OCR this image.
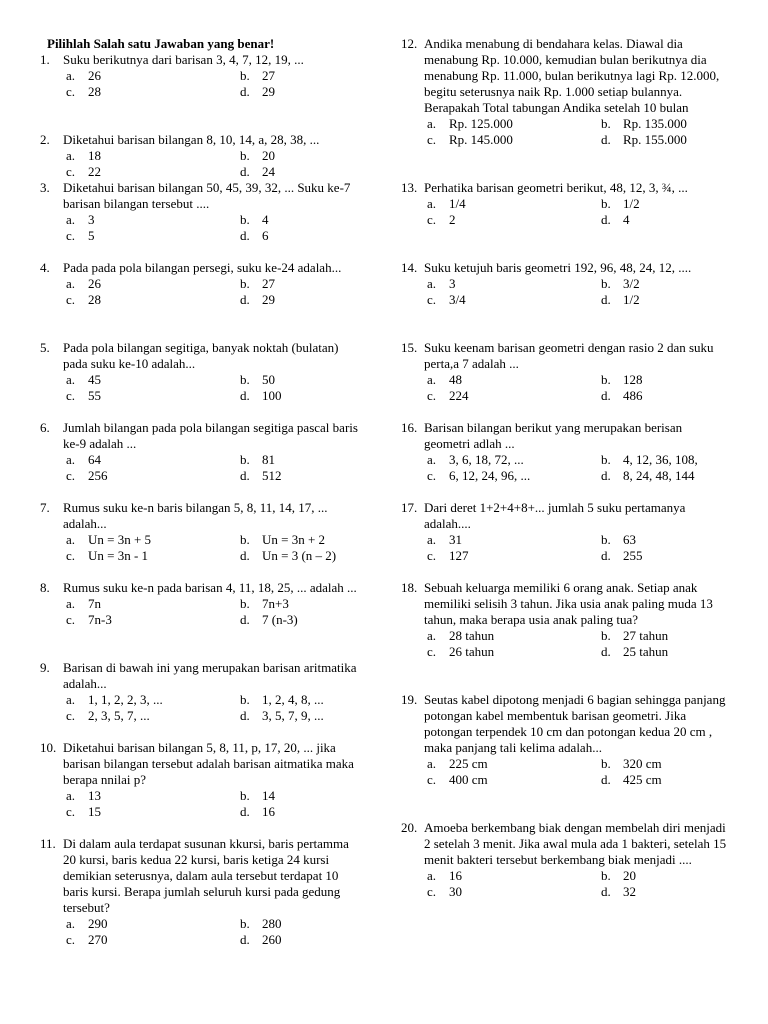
Pilihlah Salah satu Jawaban yang benar!
1. Suku berikutnya dari barisan 3, 4, 7, 12, 19, ...
a. 26	b. 27
c. 28	d. 29
2. Diketahui barisan bilangan 8, 10, 14, a, 28, 38, ...
a. 18	b. 20
c. 22	d. 24
3. Diketahui barisan bilangan 50, 45, 39, 32, ... Suku ke-7 barisan bilangan tersebut ....
a. 3	b. 4
c. 5	d. 6
4. Pada pada pola bilangan persegi, suku ke-24 adalah...
a. 26	b. 27
c. 28	d. 29
5. Pada pola bilangan segitiga, banyak noktah (bulatan) pada suku ke-10 adalah...
a. 45	b. 50
c. 55	d. 100
6. Jumlah bilangan pada pola bilangan segitiga pascal baris ke-9 adalah ...
a. 64	b. 81
c. 256	d. 512
7. Rumus suku ke-n baris bilangan 5, 8, 11, 14, 17, ... adalah...
a. Un = 3n + 5	b. Un = 3n + 2
c. Un = 3n - 1	d. Un = 3 (n – 2)
8. Rumus suku ke-n pada barisan 4, 11, 18, 25, ... adalah ...
a. 7n	b. 7n+3
c. 7n-3	d. 7 (n-3)
9. Barisan di bawah ini yang merupakan barisan aritmatika adalah...
a. 1, 1, 2, 2, 3, ...	b. 1, 2, 4, 8, ...
c. 2, 3, 5, 7, ...	d. 3, 5, 7, 9, ...
10. Diketahui barisan bilangan 5, 8, 11, p, 17, 20, ... jika barisan bilangan tersebut adalah barisan aitmatika maka berapa nnilai p?
a. 13	b. 14
c. 15	d. 16
11. Di dalam aula terdapat susunan kkursi, baris pertamma 20 kursi, baris kedua 22 kursi, baris ketiga 24 kursi demikian seterusnya, dalam aula tersebut terdapat 10 baris kursi. Berapa jumlah seluruh kursi pada gedung tersebut?
a. 290	b. 280
c. 270	d. 260
12. Andika menabung di bendahara kelas. Diawal dia menabung Rp. 10.000, kemudian bulan berikutnya dia menabung Rp. 11.000, bulan berikutnya lagi Rp. 12.000, begitu seterusnya naik Rp. 1.000 setiap bulannya. Berapakah Total tabungan Andika setelah 10 bulan
a. Rp. 125.000	b. Rp. 135.000
c. Rp. 145.000	d. Rp. 155.000
13. Perhatika barisan geometri berikut, 48, 12, 3, ¾, ...
a. 1/4	b. 1/2
c. 2	d. 4
14. Suku ketujuh baris geometri 192, 96, 48, 24, 12, ....
a. 3	b. 3/2
c. 3/4	d. 1/2
15. Suku keenam barisan geometri dengan rasio 2 dan suku perta,a 7 adalah ...
a. 48	b. 128
c. 224	d. 486
16. Barisan bilangan berikut yang merupakan berisan geometri adlah ...
a. 3, 6, 18, 72, ...	b. 4, 12, 36, 108,
c. 6, 12, 24, 96, ...	d. 8, 24, 48, 144
17. Dari deret 1+2+4+8+... jumlah 5 suku pertamanya adalah....
a. 31	b. 63
c. 127	d. 255
18. Sebuah keluarga memiliki 6 orang anak. Setiap anak memiliki selisih 3 tahun. Jika usia anak paling muda 13 tahun, maka berapa usia anak paling tua?
a. 28 tahun	b. 27 tahun
c. 26 tahun	d. 25 tahun
19. Seutas kabel dipotong menjadi 6 bagian sehingga panjang potongan kabel membentuk barisan geometri. Jika potongan terpendek 10 cm dan potongan kedua 20 cm , maka panjang tali kelima adalah...
a. 225 cm	b. 320 cm
c. 400 cm	d. 425 cm
20. Amoeba berkembang biak dengan membelah diri menjadi 2 setelah 3 menit. Jika awal mula ada 1 bakteri, setelah 15 menit bakteri tersebut berkembang biak menjadi ....
a. 16	b. 20
c. 30	d. 32
